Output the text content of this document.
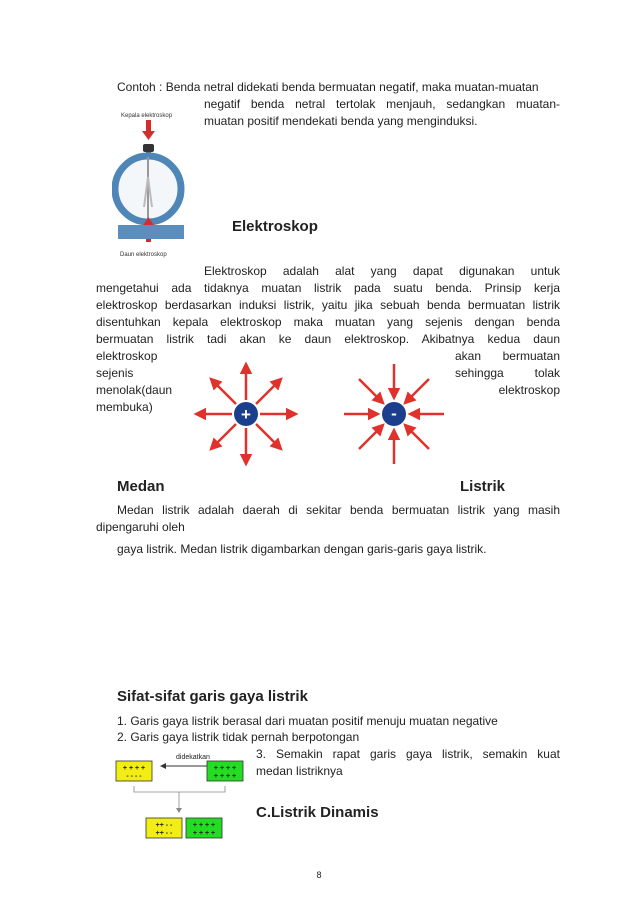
Contoh : Benda netral didekati benda bermuatan negatif, maka muatan-muatan
negatif benda netral tertolak menjauh, sedangkan muatan-
muatan positif mendekati benda yang menginduksi.
Kepala elektroskop
Daun elektroskop
Elektroskop
Elektroskop adalah alat yang dapat digunakan untuk
mengetahui ada tidaknya muatan listrik pada suatu benda. Prinsip kerja
elektroskop berdasarkan induksi listrik, yaitu jika sebuah benda bermuatan listrik
disentuhkan kepala elektroskop maka muatan yang sejenis dengan benda
bermuatan listrik tadi akan ke daun elektroskop. Akibatnya kedua daun
elektroskop
sejenis
menolak(daun
membuka)
akan bermuatan
sehingga tolak
elektroskop
+	-
Medan	Listrik
Medan listrik adalah daerah di sekitar benda bermuatan listrik yang masih
dipengaruhi oleh
gaya listrik. Medan listrik digambarkan dengan garis-garis gaya listrik.
Sifat-sifat garis gaya listrik
1. Garis gaya listrik berasal dari muatan positif menuju muatan negative
2. Garis gaya listrik tidak pernah berpotongan
3. Semakin rapat garis gaya listrik, semakin kuat
medan listriknya
didekatkan
+ + + +
- - - -
+ + + +
+ + + +
++ - -
++ - -
+ + + +
+ + + +
C.Listrik Dinamis
8
